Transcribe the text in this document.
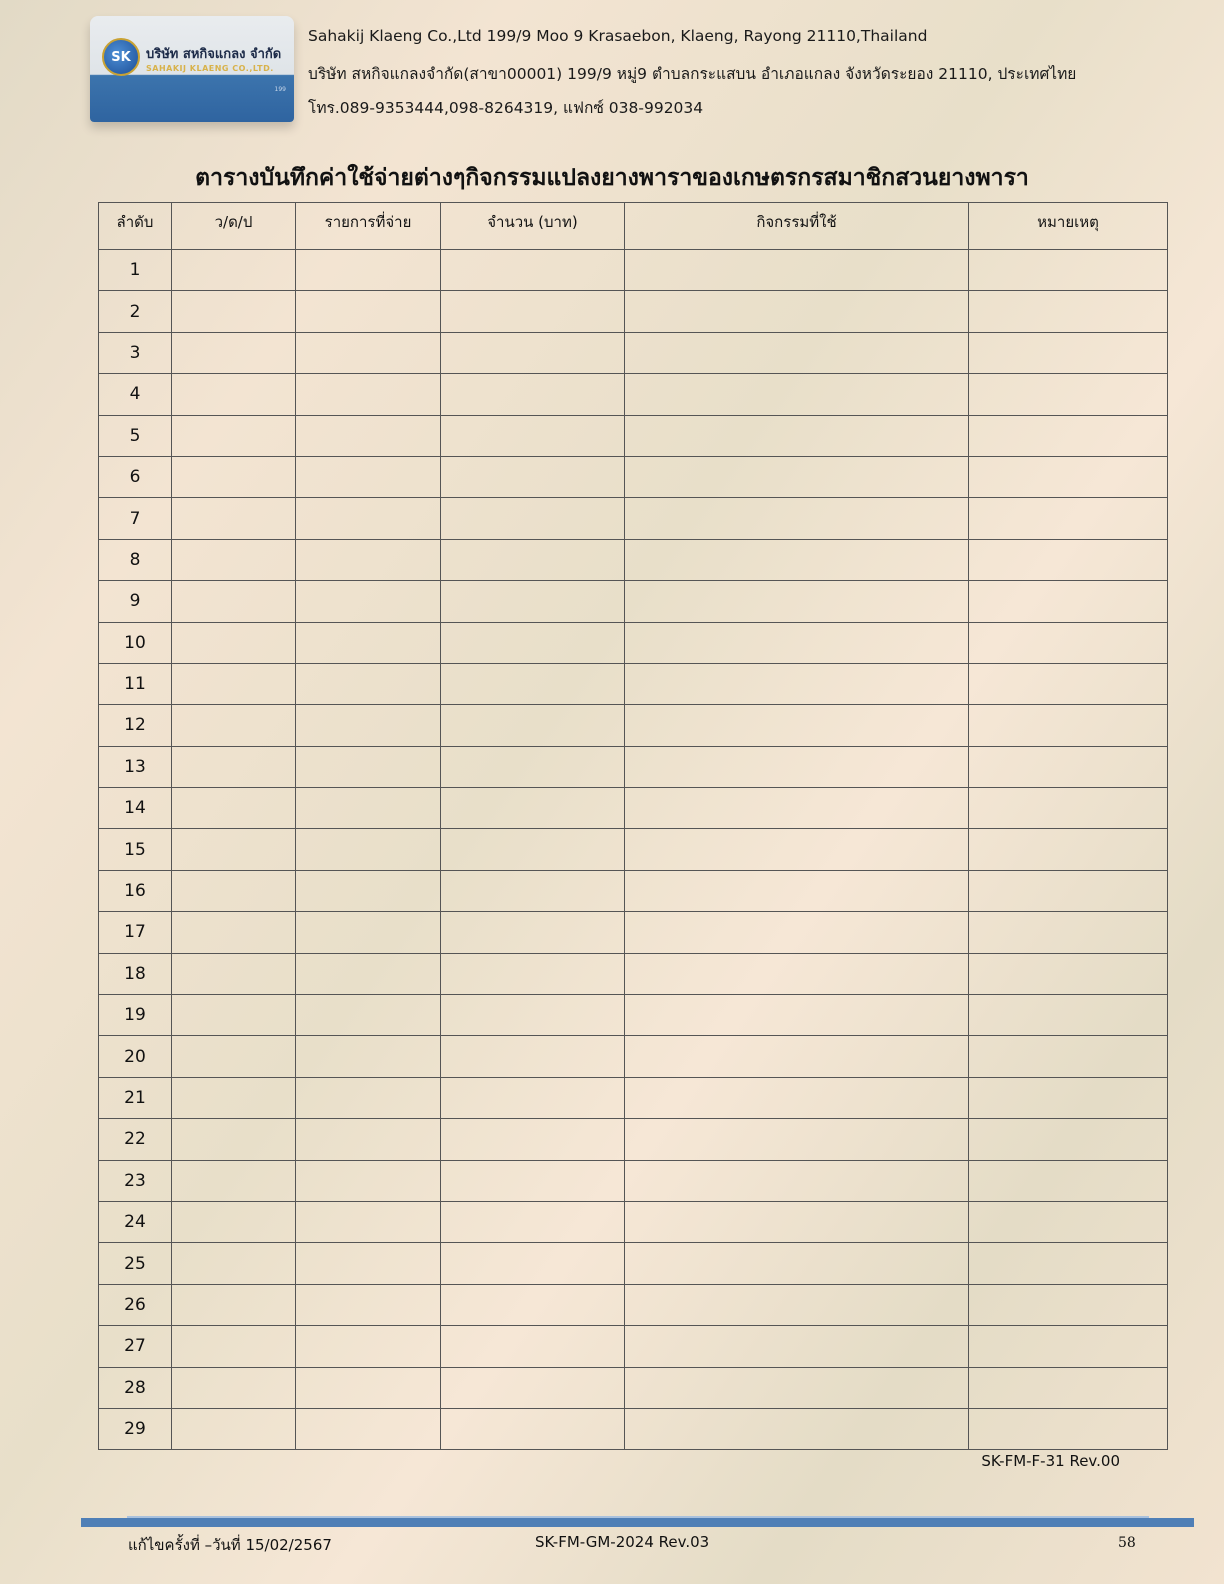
SK	บริษัท สหกิจแกลง จำกัด
SAHAKIJ KLAENG CO.,LTD.
199
Sahakij Klaeng Co.,Ltd 199/9 Moo 9 Krasaebon, Klaeng, Rayong 21110,Thailand
บริษัท สหกิจแกลงจำกัด(สาขา00001) 199/9 หมู่9 ตำบลกระแสบน อำเภอแกลง จังหวัดระยอง 21110, ประเทศไทย
โทร.089-9353444,098-8264319, แฟกซ์ 038-992034
ตารางบันทึกค่าใช้จ่ายต่างๆกิจกรรมแปลงยางพาราของเกษตรกรสมาชิกสวนยางพารา
ลำดับ	ว/ด/ป	รายการที่จ่าย	จำนวน (บาท)	กิจกรรมที่ใช้	หมายเหตุ
1					
2					
3					
4					
5					
6					
7					
8					
9					
10					
11					
12					
13					
14					
15					
16					
17					
18					
19					
20					
21					
22					
23					
24					
25					
26					
27					
28					
29					
SK-FM-F-31 Rev.00
แก้ไขครั้งที่ –วันที่ 15/02/2567	SK-FM-GM-2024 Rev.03	58
